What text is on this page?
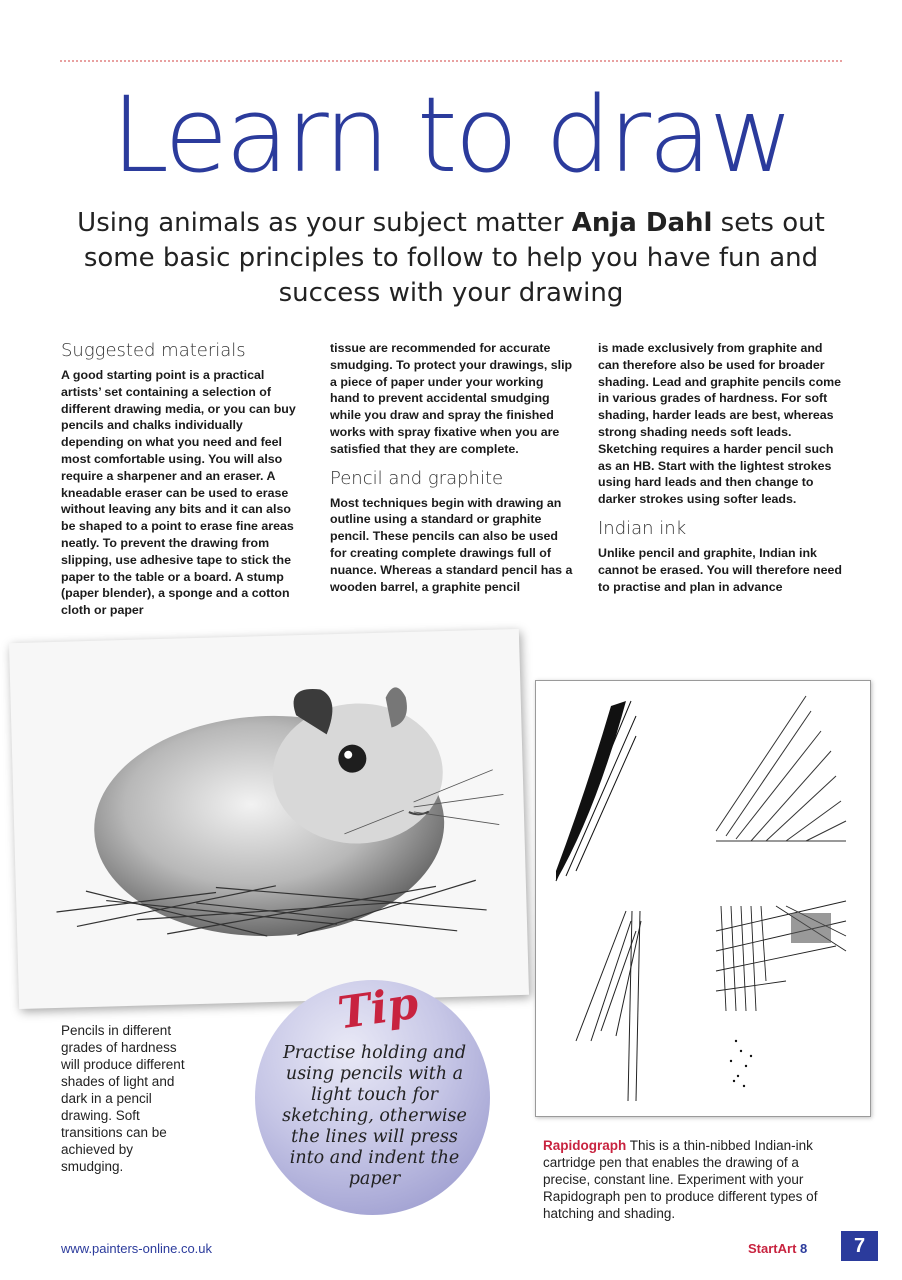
Learn to draw
Using animals as your subject matter Anja Dahl sets out some basic principles to follow to help you have fun and success with your drawing
Suggested materials

A good starting point is a practical artists’ set containing a selection of different drawing media, or you can buy pencils and chalks individually depending on what you need and feel most comfortable using. You will also require a sharpener and an eraser. A kneadable eraser can be used to erase without leaving any bits and it can also be shaped to a point to erase fine areas neatly. To prevent the drawing from slipping, use adhesive tape to stick the paper to the table or a board. A stump (paper blender), a sponge and a cotton cloth or paper

tissue are recommended for accurate smudging. To protect your drawings, slip a piece of paper under your working hand to prevent accidental smudging while you draw and spray the finished works with spray fixative when you are satisfied that they are complete.

Pencil and graphite

Most techniques begin with drawing an outline using a standard or graphite pencil. These pencils can also be used for creating complete drawings full of nuance. Whereas a standard pencil has a wooden barrel, a graphite pencil

is made exclusively from graphite and can therefore also be used for broader shading. Lead and graphite pencils come in various grades of hardness. For soft shading, harder leads are best, whereas strong shading needs soft leads. Sketching requires a harder pencil such as an HB. Start with the lightest strokes using hard leads and then change to darker strokes using softer leads.

Indian ink

Unlike pencil and graphite, Indian ink cannot be erased. You will therefore need to practise and plan in advance

Pencils in different grades of hardness will produce different shades of light and dark in a pencil drawing. Soft transitions can be achieved by smudging.
Tip
Practise holding and using pencils with a light touch for sketching, otherwise the lines will press into and indent the paper
Rapidograph This is a thin-nibbed Indian-ink cartridge pen that enables the drawing of a precise, constant line. Experiment with your Rapidograph pen to produce different types of hatching and shading.
www.painters-online.co.uk	StartArt 8	7
